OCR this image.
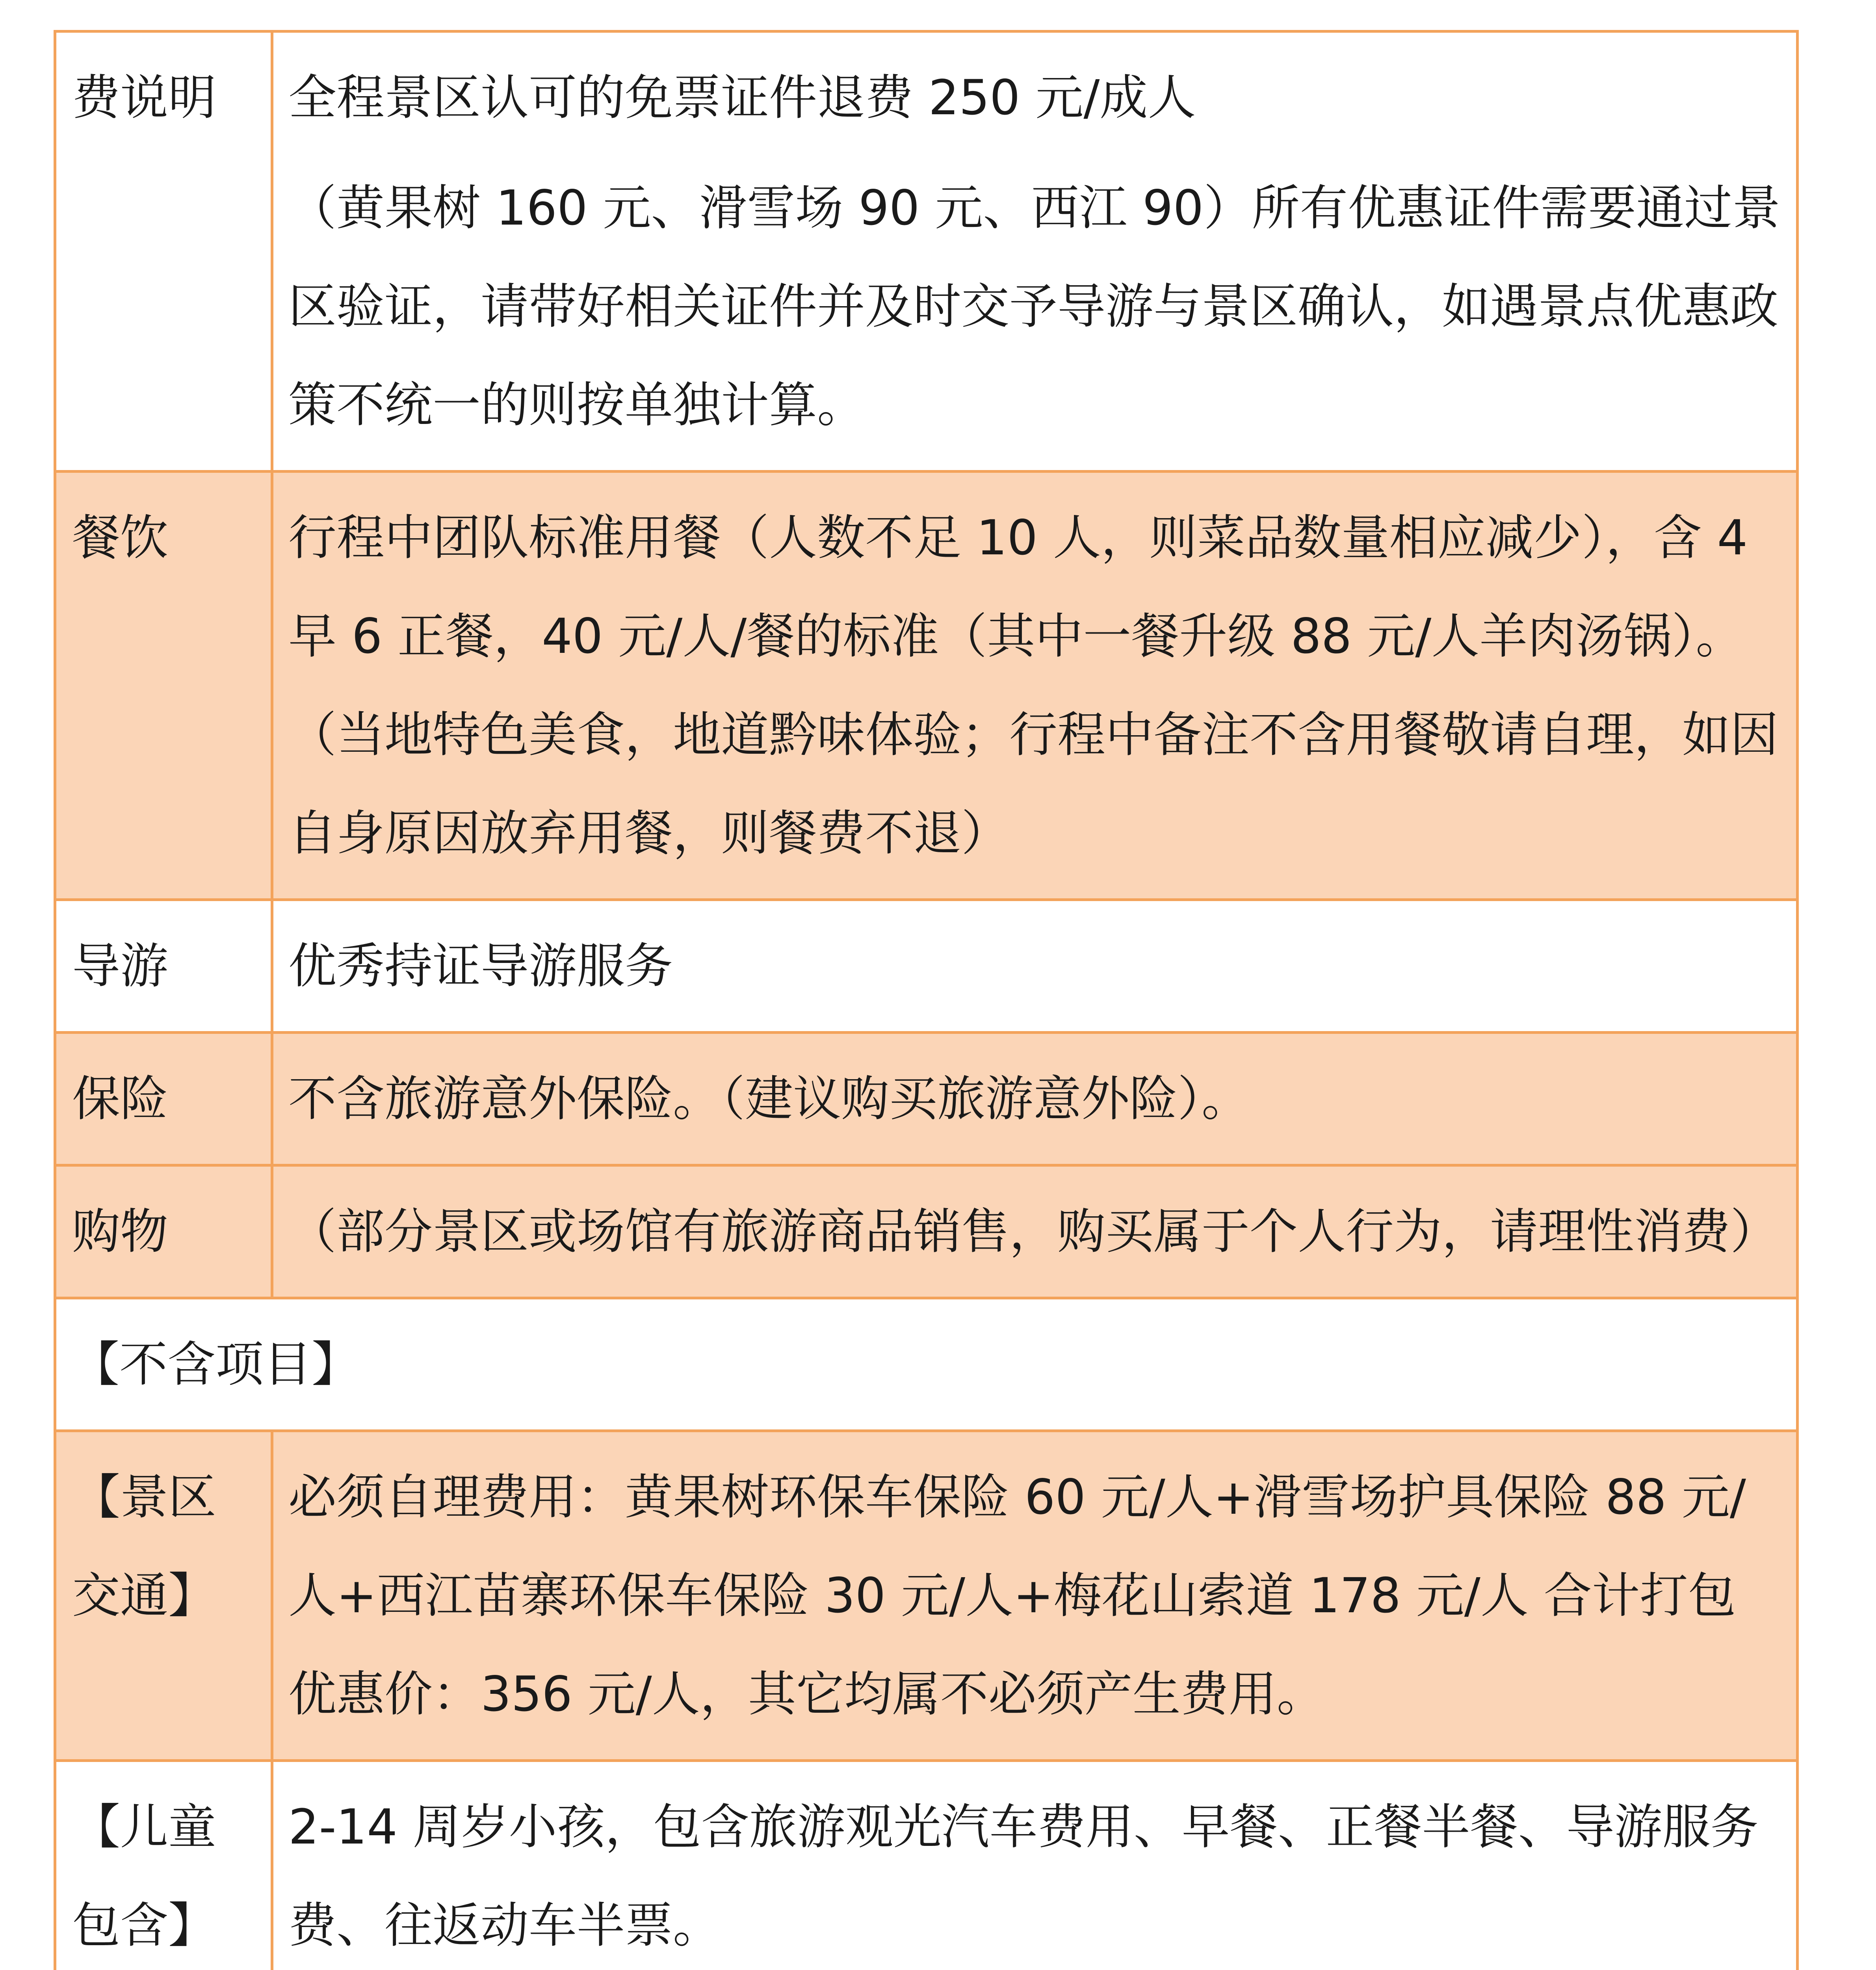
费说明	全程景区认可的免票证件退费 250 元/成人
（黄果树 160 元、滑雪场 90 元、西江 90）所有优惠证件需要通过景区验证，请带好相关证件并及时交予导游与景区确认，如遇景点优惠政策不统一的则按单独计算。

餐饮	行程中团队标准用餐（人数不足 10 人，则菜品数量相应减少），含 4 早 6 正餐，40 元/人/餐的标准（其中一餐升级 88 元/人羊肉汤锅）。（当地特色美食，地道黔味体验；行程中备注不含用餐敬请自理，如因自身原因放弃用餐，则餐费不退）

导游	优秀持证导游服务

保险	不含旅游意外保险。（建议购买旅游意外险）。

购物	（部分景区或场馆有旅游商品销售，购买属于个人行为，请理性消费）

【不含项目】	
【景区交通】	必须自理费用：黄果树环保车保险 60 元/人+滑雪场护具保险 88 元/人+西江苗寨环保车保险 30 元/人+梅花山索道 178 元/人 合计打包优惠价：356 元/人，其它均属不必须产生费用。

【儿童包含】	2-14 周岁小孩，包含旅游观光汽车费用、早餐、正餐半餐、导游服务费、往返动车半票。
